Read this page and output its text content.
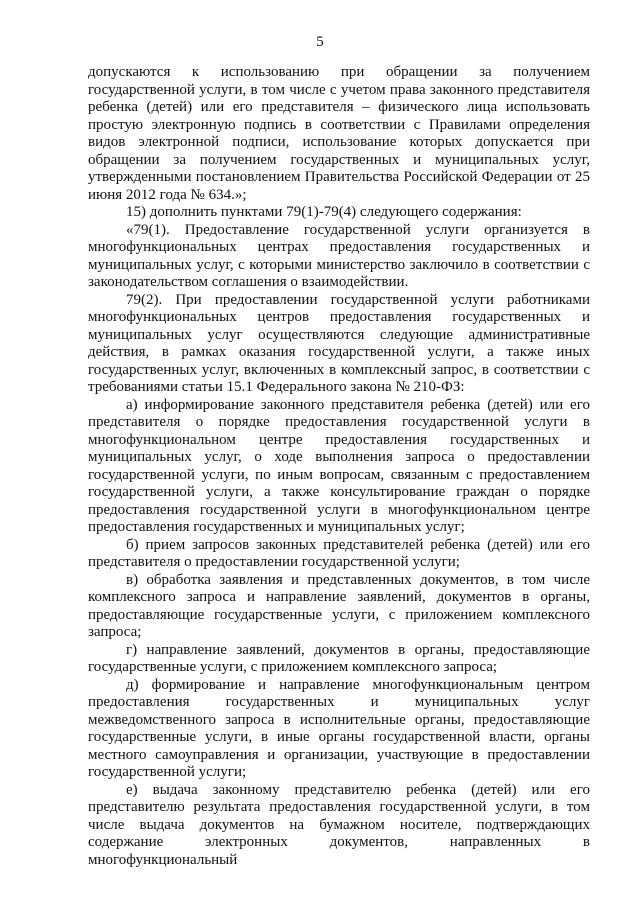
5

допускаются к использованию при обращении за получением государственной услуги, в том числе с учетом права законного представителя ребенка (детей) или его представителя – физического лица использовать простую электронную подпись в соответствии с Правилами определения видов электронной подписи, использование которых допускается при обращении за получением государственных и муниципальных услуг, утвержденными постановлением Правительства Российской Федерации от 25 июня 2012 года № 634.»;

15) дополнить пунктами 79(1)-79(4) следующего содержания:

«79(1). Предоставление государственной услуги организуется в многофункциональных центрах предоставления государственных и муниципальных услуг, с которыми министерство заключило в соответствии с законодательством соглашения о взаимодействии.

79(2). При предоставлении государственной услуги работниками многофункциональных центров предоставления государственных и муниципальных услуг осуществляются следующие административные действия, в рамках оказания государственной услуги, а также иных государственных услуг, включенных в комплексный запрос, в соответствии с требованиями статьи 15.1 Федерального закона № 210-ФЗ:

а) информирование законного представителя ребенка (детей) или его представителя о порядке предоставления государственной услуги в многофункциональном центре предоставления государственных и муниципальных услуг, о ходе выполнения запроса о предоставлении государственной услуги, по иным вопросам, связанным с предоставлением государственной услуги, а также консультирование граждан о порядке предоставления государственной услуги в многофункциональном центре предоставления государственных и муниципальных услуг;

б) прием запросов законных представителей ребенка (детей) или его представителя о предоставлении государственной услуги;

в) обработка заявления и представленных документов, в том числе комплексного запроса и направление заявлений, документов в органы, предоставляющие государственные услуги, с приложением комплексного запроса;

г) направление заявлений, документов в органы, предоставляющие государственные услуги, с приложением комплексного запроса;

д) формирование и направление многофункциональным центром предоставления государственных и муниципальных услуг межведомственного запроса в исполнительные органы, предоставляющие государственные услуги, в иные органы государственной власти, органы местного самоуправления и организации, участвующие в предоставлении государственной услуги;

е) выдача законному представителю ребенка (детей) или его представителю результата предоставления государственной услуги, в том числе выдача документов на бумажном носителе, подтверждающих содержание электронных документов, направленных в многофункциональный
